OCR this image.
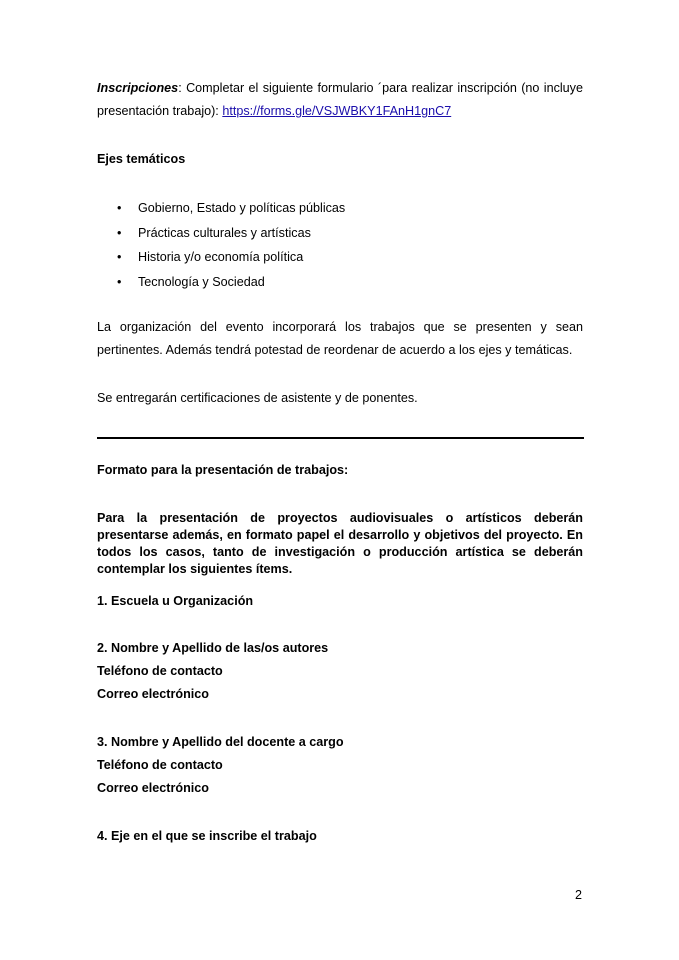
Inscripciones: Completar el siguiente formulario ´para realizar inscripción (no incluye presentación trabajo): https://forms.gle/VSJWBKY1FAnH1gnC7

Ejes temáticos

• Gobierno, Estado y políticas públicas
• Prácticas culturales y artísticas
• Historia y/o economía política
• Tecnología y Sociedad

La organización del evento incorporará los trabajos que se presenten y sean pertinentes. Además tendrá potestad de reordenar de acuerdo a los ejes y temáticas.

Se entregarán certificaciones de asistente y de ponentes.

Formato para la presentación de trabajos:

Para la presentación de proyectos audiovisuales o artísticos deberán presentarse además, en formato papel el desarrollo y objetivos del proyecto. En todos los casos, tanto de investigación o producción artística se deberán contemplar los siguientes ítems.

1. Escuela u Organización

2. Nombre y Apellido de las/os autores

Teléfono de contacto

Correo electrónico

3. Nombre y Apellido del docente a cargo

Teléfono de contacto

Correo electrónico

4. Eje en el que se inscribe el trabajo

2
